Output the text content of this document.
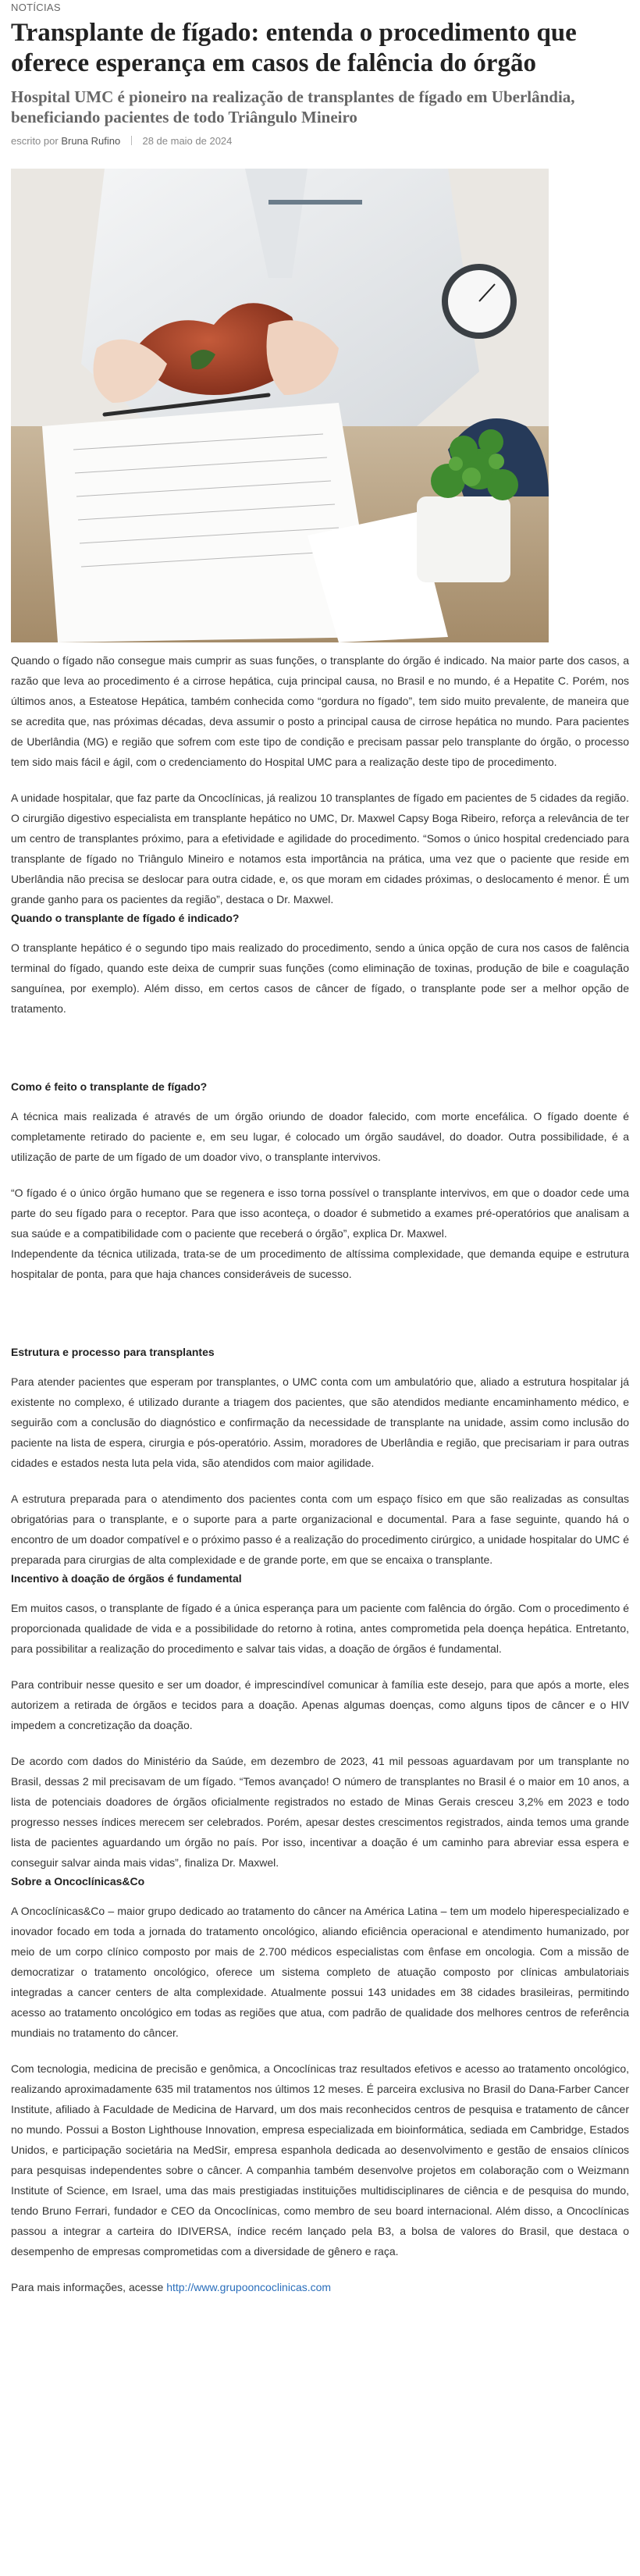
NOTÍCIAS
Transplante de fígado: entenda o procedimento que oferece esperança em casos de falência do órgão
Hospital UMC é pioneiro na realização de transplantes de fígado em Uberlândia, beneficiando pacientes de todo Triângulo Mineiro
escrito por Bruna Rufino 28 de maio de 2024

Quando o fígado não consegue mais cumprir as suas funções, o transplante do órgão é indicado. Na maior parte dos casos, a razão que leva ao procedimento é a cirrose hepática, cuja principal causa, no Brasil e no mundo, é a Hepatite C. Porém, nos últimos anos, a Esteatose Hepática, também conhecida como “gordura no fígado”, tem sido muito prevalente, de maneira que se acredita que, nas próximas décadas, deva assumir o posto a principal causa de cirrose hepática no mundo. Para pacientes de Uberlândia (MG) e região que sofrem com este tipo de condição e precisam passar pelo transplante do órgão, o processo tem sido mais fácil e ágil, com o credenciamento do Hospital UMC para a realização deste tipo de procedimento.

A unidade hospitalar, que faz parte da Oncoclínicas, já realizou 10 transplantes de fígado em pacientes de 5 cidades da região. O cirurgião digestivo especialista em transplante hepático no UMC, Dr. Maxwel Capsy Boga Ribeiro, reforça a relevância de ter um centro de transplantes próximo, para a efetividade e agilidade do procedimento. “Somos o único hospital credenciado para transplante de fígado no Triângulo Mineiro e notamos esta importância na prática, uma vez que o paciente que reside em Uberlândia não precisa se deslocar para outra cidade, e, os que moram em cidades próximas, o deslocamento é menor. É um grande ganho para os pacientes da região”, destaca o Dr. Maxwel.

Quando o transplante de fígado é indicado?

O transplante hepático é o segundo tipo mais realizado do procedimento, sendo a única opção de cura nos casos de falência terminal do fígado, quando este deixa de cumprir suas funções (como eliminação de toxinas, produção de bile e coagulação sanguínea, por exemplo). Além disso, em certos casos de câncer de fígado, o transplante pode ser a melhor opção de tratamento.

Como é feito o transplante de fígado?

A técnica mais realizada é através de um órgão oriundo de doador falecido, com morte encefálica. O fígado doente é completamente retirado do paciente e, em seu lugar, é colocado um órgão saudável, do doador. Outra possibilidade, é a utilização de parte de um fígado de um doador vivo, o transplante intervivos.

“O fígado é o único órgão humano que se regenera e isso torna possível o transplante intervivos, em que o doador cede uma parte do seu fígado para o receptor. Para que isso aconteça, o doador é submetido a exames pré-operatórios que analisam a sua saúde e a compatibilidade com o paciente que receberá o órgão”, explica Dr. Maxwel.

Independente da técnica utilizada, trata-se de um procedimento de altíssima complexidade, que demanda equipe e estrutura hospitalar de ponta, para que haja chances consideráveis de sucesso.

Estrutura e processo para transplantes

Para atender pacientes que esperam por transplantes, o UMC conta com um ambulatório que, aliado a estrutura hospitalar já existente no complexo, é utilizado durante a triagem dos pacientes, que são atendidos mediante encaminhamento médico, e seguirão com a conclusão do diagnóstico e confirmação da necessidade de transplante na unidade, assim como inclusão do paciente na lista de espera, cirurgia e pós-operatório. Assim, moradores de Uberlândia e região, que precisariam ir para outras cidades e estados nesta luta pela vida, são atendidos com maior agilidade.

A estrutura preparada para o atendimento dos pacientes conta com um espaço físico em que são realizadas as consultas obrigatórias para o transplante, e o suporte para a parte organizacional e documental. Para a fase seguinte, quando há o encontro de um doador compatível e o próximo passo é a realização do procedimento cirúrgico, a unidade hospitalar do UMC é preparada para cirurgias de alta complexidade e de grande porte, em que se encaixa o transplante.

Incentivo à doação de órgãos é fundamental

Em muitos casos, o transplante de fígado é a única esperança para um paciente com falência do órgão. Com o procedimento é proporcionada qualidade de vida e a possibilidade do retorno à rotina, antes comprometida pela doença hepática. Entretanto, para possibilitar a realização do procedimento e salvar tais vidas, a doação de órgãos é fundamental.

Para contribuir nesse quesito e ser um doador, é imprescindível comunicar à família este desejo, para que após a morte, eles autorizem a retirada de órgãos e tecidos para a doação. Apenas algumas doenças, como alguns tipos de câncer e o HIV impedem a concretização da doação.

De acordo com dados do Ministério da Saúde, em dezembro de 2023, 41 mil pessoas aguardavam por um transplante no Brasil, dessas 2 mil precisavam de um fígado. “Temos avançado! O número de transplantes no Brasil é o maior em 10 anos, a lista de potenciais doadores de órgãos oficialmente registrados no estado de Minas Gerais cresceu 3,2% em 2023 e todo progresso nesses índices merecem ser celebrados. Porém, apesar destes crescimentos registrados, ainda temos uma grande lista de pacientes aguardando um órgão no país. Por isso, incentivar a doação é um caminho para abreviar essa espera e conseguir salvar ainda mais vidas”, finaliza Dr. Maxwel.

Sobre a Oncoclínicas&Co

A Oncoclínicas&Co – maior grupo dedicado ao tratamento do câncer na América Latina – tem um modelo hiperespecializado e inovador focado em toda a jornada do tratamento oncológico, aliando eficiência operacional e atendimento humanizado, por meio de um corpo clínico composto por mais de 2.700 médicos especialistas com ênfase em oncologia. Com a missão de democratizar o tratamento oncológico, oferece um sistema completo de atuação composto por clínicas ambulatoriais integradas a cancer centers de alta complexidade. Atualmente possui 143 unidades em 38 cidades brasileiras, permitindo acesso ao tratamento oncológico em todas as regiões que atua, com padrão de qualidade dos melhores centros de referência mundiais no tratamento do câncer.

Com tecnologia, medicina de precisão e genômica, a Oncoclínicas traz resultados efetivos e acesso ao tratamento oncológico, realizando aproximadamente 635 mil tratamentos nos últimos 12 meses. É parceira exclusiva no Brasil do Dana-Farber Cancer Institute, afiliado à Faculdade de Medicina de Harvard, um dos mais reconhecidos centros de pesquisa e tratamento de câncer no mundo. Possui a Boston Lighthouse Innovation, empresa especializada em bioinformática, sediada em Cambridge, Estados Unidos, e participação societária na MedSir, empresa espanhola dedicada ao desenvolvimento e gestão de ensaios clínicos para pesquisas independentes sobre o câncer. A companhia também desenvolve projetos em colaboração com o Weizmann Institute of Science, em Israel, uma das mais prestigiadas instituições multidisciplinares de ciência e de pesquisa do mundo, tendo Bruno Ferrari, fundador e CEO da Oncoclínicas, como membro de seu board internacional. Além disso, a Oncoclínicas passou a integrar a carteira do IDIVERSA, índice recém lançado pela B3, a bolsa de valores do Brasil, que destaca o desempenho de empresas comprometidas com a diversidade de gênero e raça.

Para mais informações, acesse http://www.grupooncoclinicas.com
